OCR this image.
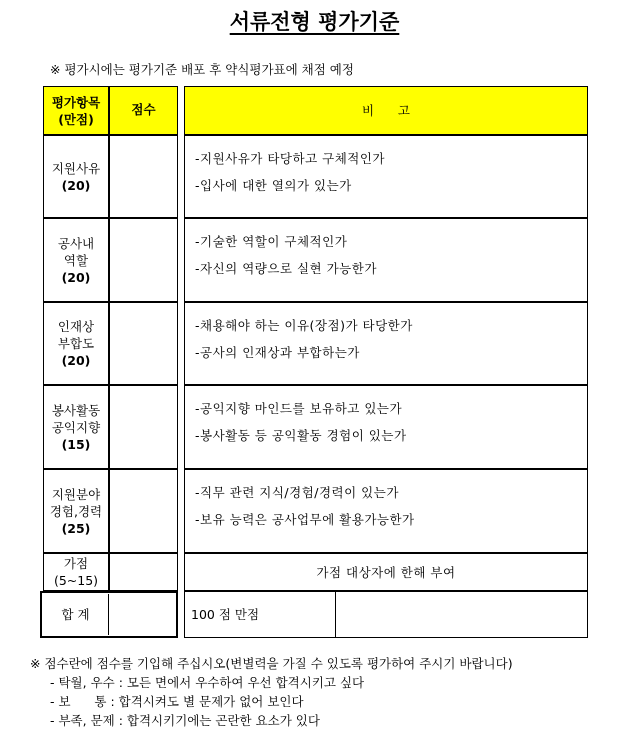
서류전형 평가기준
※ 평가시에는 평가기준 배포 후 약식평가표에 채점 예정
평가항목
(만점)
점수	비      고
지원사유
(20)
-지원사유가 타당하고 구체적인가
-입사에 대한 열의가 있는가
공사내
역할
(20)
-기술한 역할이 구체적인가
-자신의 역량으로 실현 가능한가
인재상
부합도
(20)
-채용해야 하는 이유(장점)가 타당한가
-공사의 인재상과 부합하는가
봉사활동
공익지향
(15)
-공익지향 마인드를 보유하고 있는가
-봉사활동 등 공익활동 경험이 있는가
지원분야
경험,경력
(25)
-직무 관련 지식/경험/경력이 있는가
-보유 능력은 공사업무에 활용가능한가
가점
(5~15)
가점 대상자에 한해 부여
합 계	100 점 만점
※ 점수란에 점수를 기입해 주십시오(변별력을 가질 수 있도록 평가하여 주시기 바랍니다)
- 탁월, 우수 : 모든 면에서 우수하여 우선 합격시키고 싶다
- 보      통 : 합격시켜도 별 문제가 없어 보인다
- 부족, 문제 : 합격시키기에는 곤란한 요소가 있다
